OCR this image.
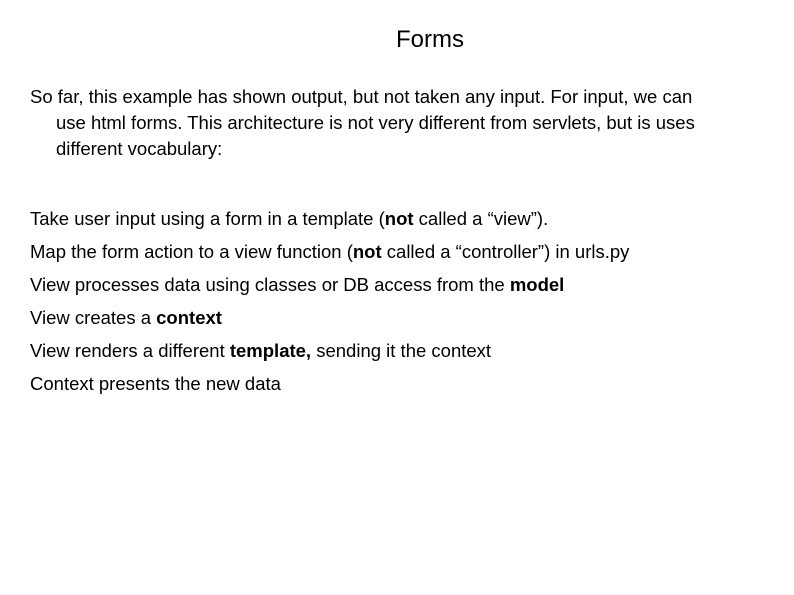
Forms
So far, this example has shown output, but not taken any input. For input, we can
use html forms. This architecture is not very different from servlets, but is uses
different vocabulary:
Take user input using a form in a template (not called a “view”).
Map the form action to a view function (not called a “controller”) in urls.py
View processes data using classes or DB access from the model
View creates a context
View renders a different template, sending it the context
Context presents the new data
